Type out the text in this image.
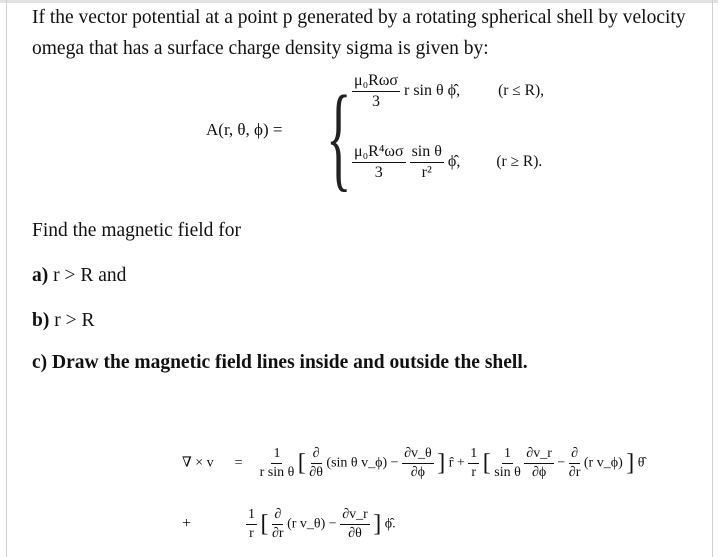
If the vector potential at a point p generated by a rotating spherical shell by velocity omega that has a surface charge density sigma is given by:
A(r, θ, ϕ) = { $\frac{\text{μ₀Rωσ}}{3}$ r sin θ ϕ̂, (r ≤ R),
$\frac{\text{μ₀R⁴ωσ}}{3}$
$\frac{\text{sin θ}}{\text{r²}}$ ϕ̂, (r ≥ R).
Find the magnetic field for
a) r > R and
b) r > R
c) Draw the magnetic field lines inside and outside the shell.
∇ × $v = \frac{1}{\text{r sin θ}}$ [ $\frac{\partial}{\partial\theta} (\sin$ θ v_ϕ) − $\frac{\partial v\_\theta}{\partial\phi}$ ] r̂ + $\frac{1}{r}$ [ $\frac{1}{\text{sin θ}}$
$\frac{\partial v\_r}{\partial\phi} - \frac{\partial}{\partial r} (r$ v_ϕ) ] θ̂
+	$\frac{1}{r}$ [ $\frac{\partial}{\partial r} (r$ v_θ) − $\frac{\partial v\_r}{\partial\theta}$ ] ϕ̂.
